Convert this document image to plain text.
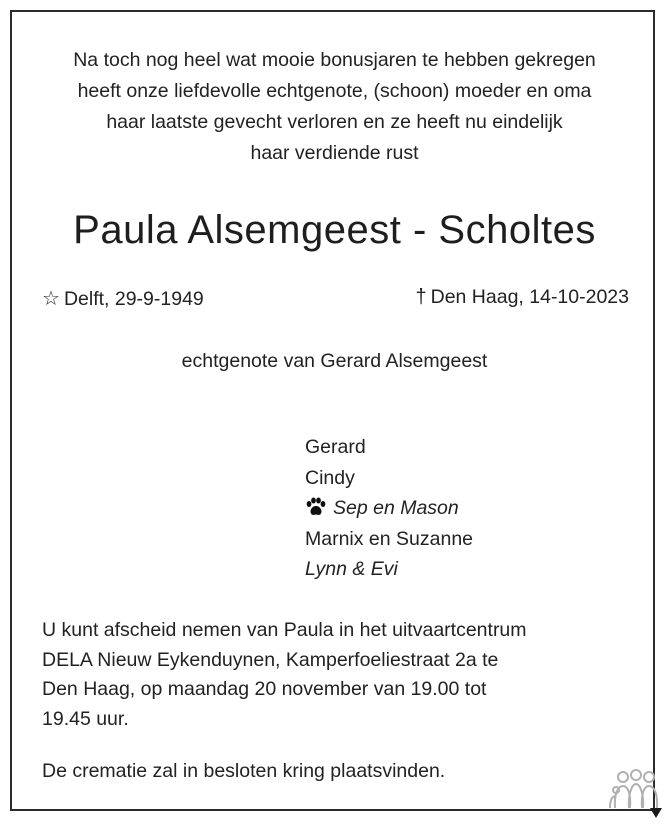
Na toch nog heel wat mooie bonusjaren te hebben gekregen
heeft onze liefdevolle echtgenote, (schoon) moeder en oma
haar laatste gevecht verloren en ze heeft nu eindelijk
haar verdiende rust
Paula Alsemgeest - Scholtes
☆ Delft, 29-9-1949	† Den Haag, 14-10-2023
echtgenote van Gerard Alsemgeest
Gerard
Cindy
Sep en Mason
Marnix en Suzanne
Lynn & Evi
U kunt afscheid nemen van Paula in het uitvaartcentrum
DELA Nieuw Eykenduynen, Kamperfoeliestraat 2a te
Den Haag, op maandag 20 november van 19.00 tot
19.45 uur.
De crematie zal in besloten kring plaatsvinden.
